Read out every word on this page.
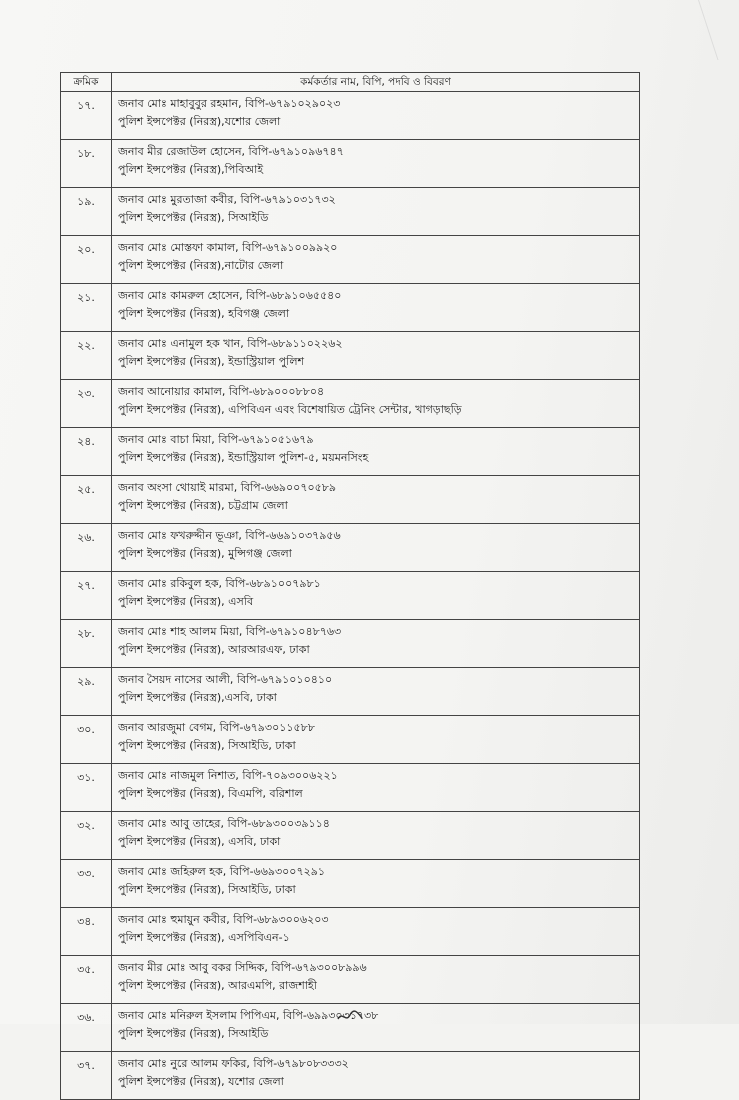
ক্রমিক	কর্মকর্তার নাম, বিপি, পদবি ও বিবরণ
১৭.	জনাব মোঃ মাহাবুবুর রহমান, বিপি-৬৭৯১০২৯০২৩
পুলিশ ইন্সপেক্টর (নিরস্ত্র),যশোর জেলা

১৮.	জনাব মীর রেজাউল হোসেন, বিপি-৬৭৯১০৯৬৭৪৭
পুলিশ ইন্সপেক্টর (নিরস্ত্র),পিবিআই

১৯.	জনাব মোঃ মুরতাজা কবীর, বিপি-৬৭৯১০৩১৭৩২
পুলিশ ইন্সপেক্টর (নিরস্ত্র), সিআইডি

২০.	জনাব মোঃ মোস্তফা কামাল, বিপি-৬৭৯১০০৯৯২০
পুলিশ ইন্সপেক্টর (নিরস্ত্র),নাটোর জেলা

২১.	জনাব মোঃ কামরুল হোসেন, বিপি-৬৮৯১০৬৫৫৪০
পুলিশ ইন্সপেক্টর (নিরস্ত্র), হবিগঞ্জ জেলা

২২.	জনাব মোঃ এনামুল হক খান, বিপি-৬৮৯১১০২২৬২
পুলিশ ইন্সপেক্টর (নিরস্ত্র), ইন্ডাস্ট্রিয়াল পুলিশ

২৩.	জনাব আনোয়ার কামাল, বিপি-৬৮৯০০০৮৮০৪
পুলিশ ইন্সপেক্টর (নিরস্ত্র), এপিবিএন এবং বিশেষায়িত ট্রেনিং সেন্টার, খাগড়াছড়ি

২৪.	জনাব মোঃ বাচা মিয়া, বিপি-৬৭৯১০৫১৬৭৯
পুলিশ ইন্সপেক্টর (নিরস্ত্র), ইন্ডাস্ট্রিয়াল পুলিশ-৫, ময়মনসিংহ

২৫.	জনাব অংসা থোয়াই মারমা, বিপি-৬৬৯০০৭০৫৮৯
পুলিশ ইন্সপেক্টর (নিরস্ত্র), চট্টগ্রাম জেলা

২৬.	জনাব মোঃ ফখরুদ্দীন ভূঞা, বিপি-৬৬৯১০৩৭৯৫৬
পুলিশ ইন্সপেক্টর (নিরস্ত্র), মুন্সিগঞ্জ জেলা

২৭.	জনাব মোঃ রকিবুল হক, বিপি-৬৮৯১০০৭৯৮১
পুলিশ ইন্সপেক্টর (নিরস্ত্র), এসবি

২৮.	জনাব মোঃ শাহ আলম মিয়া, বিপি-৬৭৯১০৪৮৭৬৩
পুলিশ ইন্সপেক্টর (নিরস্ত্র), আরআরএফ, ঢাকা

২৯.	জনাব সৈয়দ নাসের আলী, বিপি-৬৭৯১০১০৪১০
পুলিশ ইন্সপেক্টর (নিরস্ত্র),এসবি, ঢাকা

৩০.	জনাব আরজুমা বেগম, বিপি-৬৭৯৩০১১৫৮৮
পুলিশ ইন্সপেক্টর (নিরস্ত্র), সিআইডি, ঢাকা

৩১.	জনাব মোঃ নাজমুল নিশাত, বিপি-৭০৯৩০০৬২২১
পুলিশ ইন্সপেক্টর (নিরস্ত্র), বিএমপি, বরিশাল

৩২.	জনাব মোঃ আবু তাহের, বিপি-৬৮৯৩০০৩৯১১৪
পুলিশ ইন্সপেক্টর (নিরস্ত্র), এসবি, ঢাকা

৩৩.	জনাব মোঃ জহিরুল হক, বিপি-৬৬৯৩০০৭২৯১
পুলিশ ইন্সপেক্টর (নিরস্ত্র), সিআইডি, ঢাকা

৩৪.	জনাব মোঃ হুমায়ুন কবীর, বিপি-৬৮৯৩০০৬২০৩
পুলিশ ইন্সপেক্টর (নিরস্ত্র), এসপিবিএন-১

৩৫.	জনাব মীর মোঃ আবু বকর সিদ্দিক, বিপি-৬৭৯৩০০৮৯৯৬
পুলিশ ইন্সপেক্টর (নিরস্ত্র), আরএমপি, রাজশাহী

৩৬.	জনাব মোঃ মনিরুল ইসলাম পিপিএম, বিপি-৬৯৯৩০৩১৭৩৮
পুলিশ ইন্সপেক্টর (নিরস্ত্র), সিআইডি

৩৭.	জনাব মোঃ নুরে আলম ফকির, বিপি-৬৭৯৮০৮৩৩৩২
পুলিশ ইন্সপেক্টর (নিরস্ত্র), যশোর জেলা
